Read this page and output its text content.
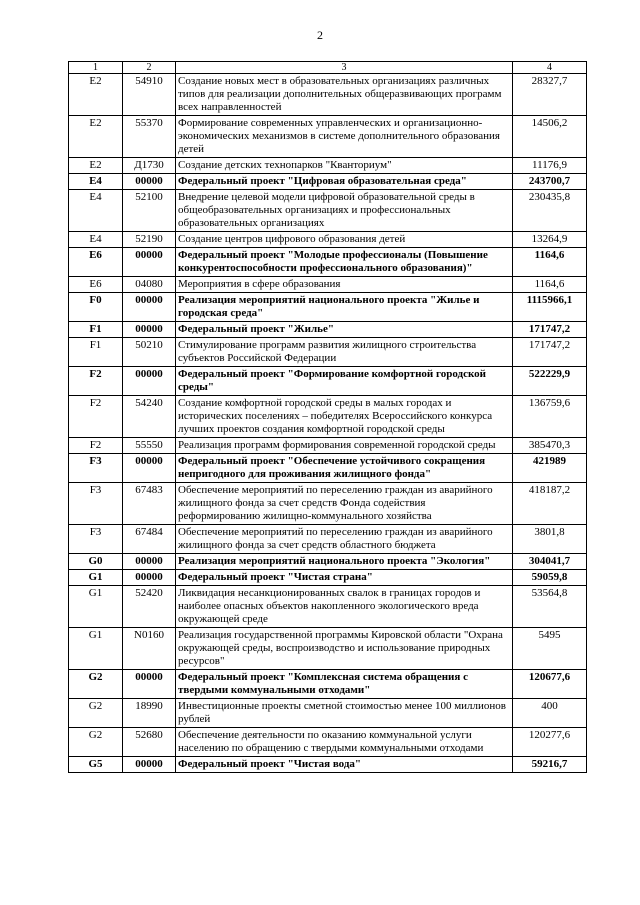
2
1	2	3	4
E2	54910	Создание новых мест в образовательных организациях различных типов для реализации дополнительных общеразвивающих программ всех направленностей	28327,7
E2	55370	Формирование современных управленческих и организационно-экономических механизмов в системе дополнительного образования детей	14506,2
E2	Д1730	Создание детских технопарков "Кванториум"	11176,9
E4	00000	Федеральный проект "Цифровая образовательная среда"	243700,7
E4	52100	Внедрение целевой модели цифровой образовательной среды в общеобразовательных организациях и профессиональных образовательных организациях	230435,8
E4	52190	Создание центров цифрового образования детей	13264,9
E6	00000	Федеральный проект "Молодые профессионалы (Повышение конкурентоспособности профессионального образования)"	1164,6
E6	04080	Мероприятия в сфере образования	1164,6
F0	00000	Реализация мероприятий национального проекта "Жилье и городская среда"	1115966,1
F1	00000	Федеральный проект "Жилье"	171747,2
F1	50210	Стимулирование программ развития жилищного строительства субъектов Российской Федерации	171747,2
F2	00000	Федеральный проект "Формирование комфортной городской среды"	522229,9
F2	54240	Создание комфортной городской среды в малых городах и исторических поселениях – победителях Всероссийского конкурса лучших проектов создания комфортной городской среды	136759,6
F2	55550	Реализация программ формирования современной городской среды	385470,3
F3	00000	Федеральный проект "Обеспечение устойчивого сокращения непригодного для проживания жилищного фонда"	421989
F3	67483	Обеспечение мероприятий по переселению граждан из аварийного жилищного фонда за счет средств Фонда содействия реформированию жилищно-коммунального хозяйства	418187,2
F3	67484	Обеспечение мероприятий по переселению граждан из аварийного жилищного фонда за счет средств областного бюджета	3801,8
G0	00000	Реализация мероприятий национального проекта "Экология"	304041,7
G1	00000	Федеральный проект "Чистая страна"	59059,8
G1	52420	Ликвидация несанкционированных свалок в границах городов и наиболее опасных объектов накопленного экологического вреда окружающей среде	53564,8
G1	N0160	Реализация государственной программы Кировской области "Охрана окружающей среды, воспроизводство и использование природных ресурсов"	5495
G2	00000	Федеральный проект "Комплексная система обращения с твердыми коммунальными отходами"	120677,6
G2	18990	Инвестиционные проекты сметной стоимостью менее 100 миллионов рублей	400
G2	52680	Обеспечение деятельности по оказанию коммунальной услуги населению по обращению с твердыми коммунальными отходами	120277,6
G5	00000	Федеральный проект "Чистая вода"	59216,7
